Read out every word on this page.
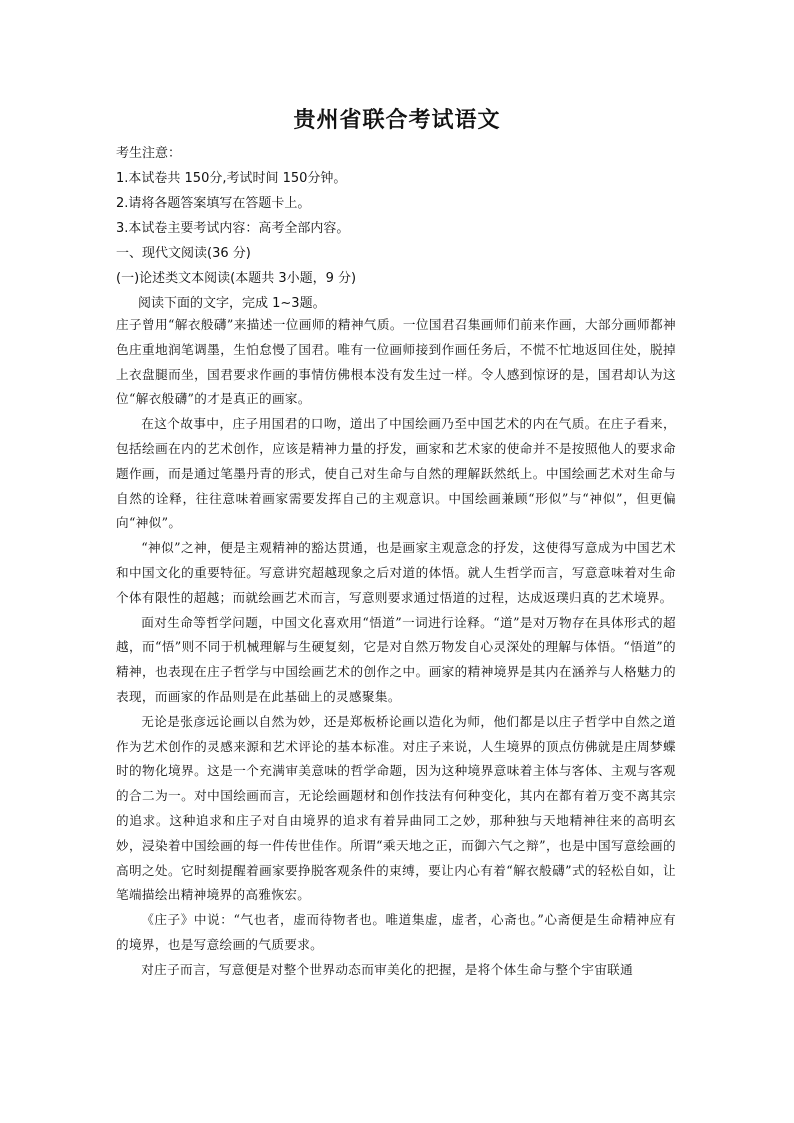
贵州省联合考试语文

考生注意：

1.本试卷共 150分,考试时间 150分钟。

2.请将各题答案填写在答题卡上。

3.本试卷主要考试内容：高考全部内容。

一、现代文阅读(36 分)

(一)论述类文本阅读(本题共 3小题，9 分)

阅读下面的文字，完成 1~3题。

庄子曾用“解衣般礴”来描述一位画师的精神气质。一位国君召集画师们前来作画，大部分画师都神色庄重地润笔调墨，生怕怠慢了国君。唯有一位画师接到作画任务后，不慌不忙地返回住处，脱掉上衣盘腿而坐，国君要求作画的事情仿佛根本没有发生过一样。令人感到惊讶的是，国君却认为这位“解衣般礴”的才是真正的画家。

在这个故事中，庄子用国君的口吻，道出了中国绘画乃至中国艺术的内在气质。在庄子看来，包括绘画在内的艺术创作，应该是精神力量的抒发，画家和艺术家的使命并不是按照他人的要求命题作画，而是通过笔墨丹青的形式，使自己对生命与自然的理解跃然纸上。中国绘画艺术对生命与自然的诠释，往往意味着画家需要发挥自己的主观意识。中国绘画兼顾“形似”与“神似”，但更偏向“神似”。

“神似”之神，便是主观精神的豁达贯通，也是画家主观意念的抒发，这使得写意成为中国艺术和中国文化的重要特征。写意讲究超越现象之后对道的体悟。就人生哲学而言，写意意味着对生命个体有限性的超越；而就绘画艺术而言，写意则要求通过悟道的过程，达成返璞归真的艺术境界。

面对生命等哲学问题，中国文化喜欢用“悟道”一词进行诠释。“道”是对万物存在具体形式的超越，而“悟”则不同于机械理解与生硬复刻，它是对自然万物发自心灵深处的理解与体悟。“悟道”的精神，也表现在庄子哲学与中国绘画艺术的创作之中。画家的精神境界是其内在涵养与人格魅力的表现，而画家的作品则是在此基础上的灵感聚集。

无论是张彦远论画以自然为妙，还是郑板桥论画以造化为师，他们都是以庄子哲学中自然之道作为艺术创作的灵感来源和艺术评论的基本标准。对庄子来说，人生境界的顶点仿佛就是庄周梦蝶时的物化境界。这是一个充满审美意味的哲学命题，因为这种境界意味着主体与客体、主观与客观的合二为一。对中国绘画而言，无论绘画题材和创作技法有何种变化，其内在都有着万变不离其宗的追求。这种追求和庄子对自由境界的追求有着异曲同工之妙，那种独与天地精神往来的高明玄妙，浸染着中国绘画的每一件传世佳作。所谓“乘天地之正，而御六气之辩”，也是中国写意绘画的高明之处。它时刻提醒着画家要挣脱客观条件的束缚，要让内心有着“解衣般礴”式的轻松自如，让笔端描绘出精神境界的高雅恢宏。

《庄子》中说：“气也者，虚而待物者也。唯道集虚，虚者，心斋也。”心斋便是生命精神应有的境界，也是写意绘画的气质要求。

对庄子而言，写意便是对整个世界动态而审美化的把握，是将个体生命与整个宇宙联通
